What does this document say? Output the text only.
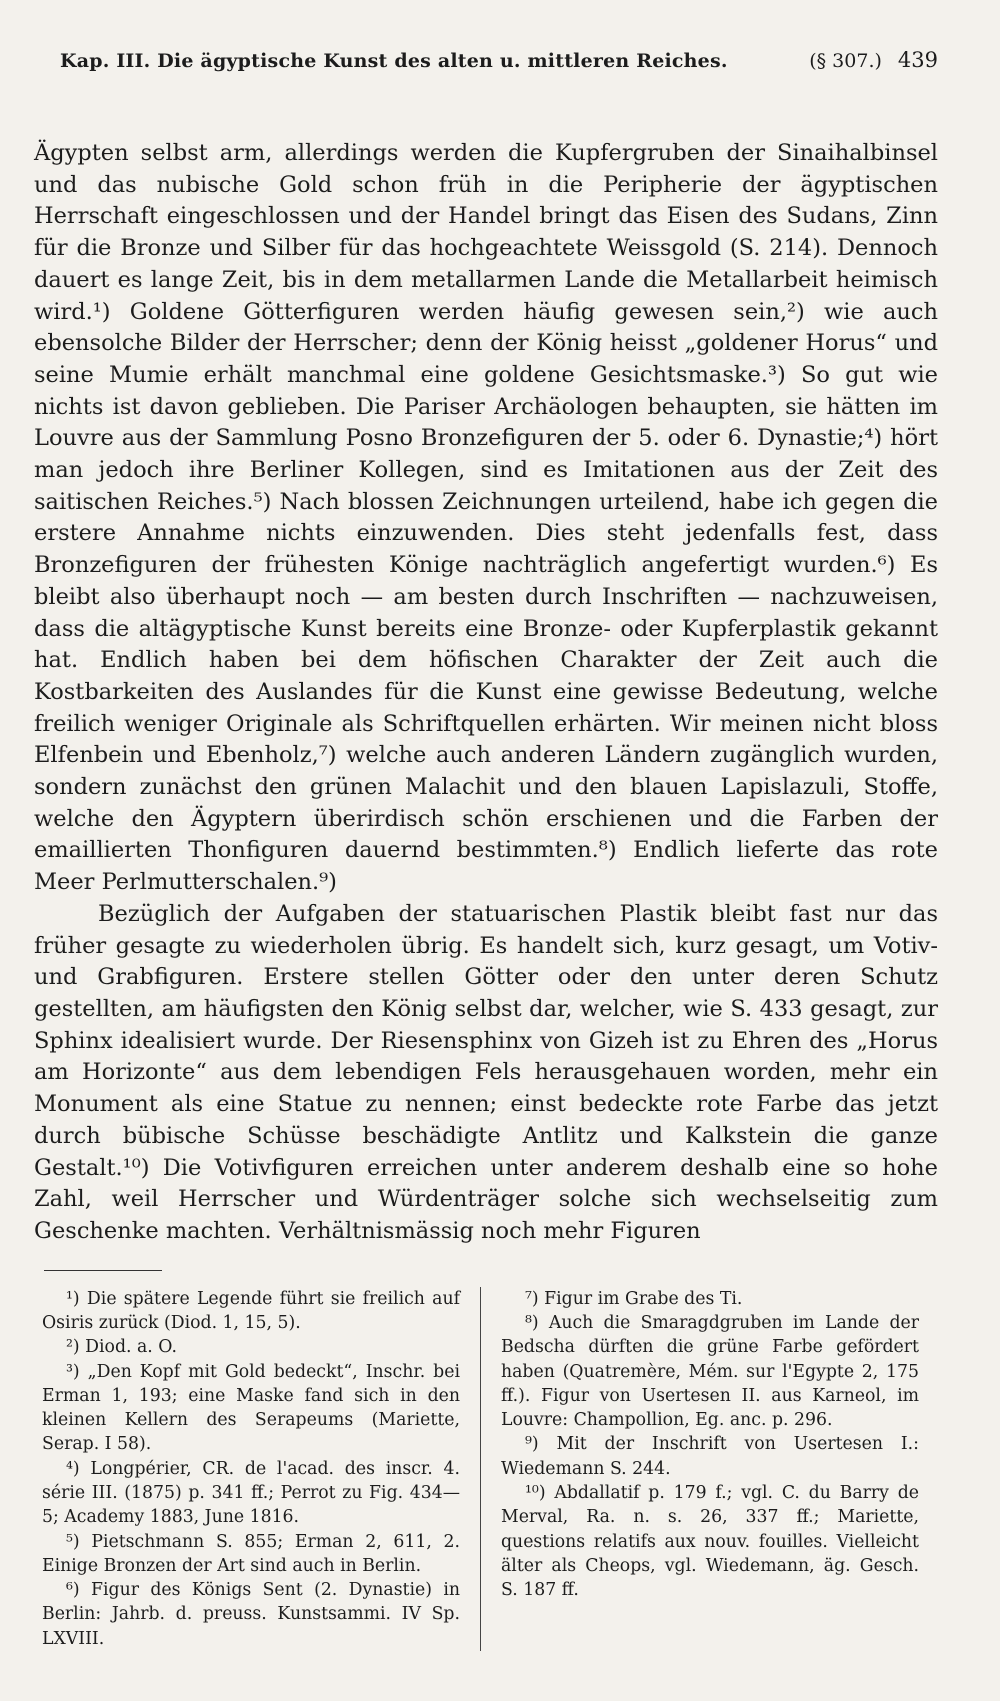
Kap. III. Die ägyptische Kunst des alten u. mittleren Reiches.	(§ 307.) 439

Ägypten selbst arm, allerdings werden die Kupfergruben der Sinaihalbinsel und das nubische Gold schon früh in die Peripherie der ägyptischen Herrschaft eingeschlossen und der Handel bringt das Eisen des Sudans, Zinn für die Bronze und Silber für das hochgeachtete Weissgold (S. 214). Dennoch dauert es lange Zeit, bis in dem metallarmen Lande die Metallarbeit heimisch wird.¹) Goldene Götterfiguren werden häufig gewesen sein,²) wie auch ebensolche Bilder der Herrscher; denn der König heisst „goldener Horus“ und seine Mumie erhält manchmal eine goldene Gesichtsmaske.³) So gut wie nichts ist davon geblieben. Die Pariser Archäologen behaupten, sie hätten im Louvre aus der Sammlung Posno Bronzefiguren der 5. oder 6. Dynastie;⁴) hört man jedoch ihre Berliner Kollegen, sind es Imitationen aus der Zeit des saitischen Reiches.⁵) Nach blossen Zeichnungen urteilend, habe ich gegen die erstere Annahme nichts einzuwenden. Dies steht jedenfalls fest, dass Bronzefiguren der frühesten Könige nachträglich angefertigt wurden.⁶) Es bleibt also überhaupt noch — am besten durch Inschriften — nachzuweisen, dass die altägyptische Kunst bereits eine Bronze- oder Kupferplastik gekannt hat. Endlich haben bei dem höfischen Charakter der Zeit auch die Kostbarkeiten des Auslandes für die Kunst eine gewisse Bedeutung, welche freilich weniger Originale als Schriftquellen erhärten. Wir meinen nicht bloss Elfenbein und Ebenholz,⁷) welche auch anderen Ländern zugänglich wurden, sondern zunächst den grünen Malachit und den blauen Lapislazuli, Stoffe, welche den Ägyptern überirdisch schön erschienen und die Farben der emaillierten Thonfiguren dauernd bestimmten.⁸) Endlich lieferte das rote Meer Perlmutterschalen.⁹)

Bezüglich der Aufgaben der statuarischen Plastik bleibt fast nur das früher gesagte zu wiederholen übrig. Es handelt sich, kurz gesagt, um Votiv- und Grabfiguren. Erstere stellen Götter oder den unter deren Schutz gestellten, am häufigsten den König selbst dar, welcher, wie S. 433 gesagt, zur Sphinx idealisiert wurde. Der Riesensphinx von Gizeh ist zu Ehren des „Horus am Horizonte“ aus dem lebendigen Fels herausgehauen worden, mehr ein Monument als eine Statue zu nennen; einst bedeckte rote Farbe das jetzt durch bübische Schüsse beschädigte Antlitz und Kalkstein die ganze Gestalt.¹⁰) Die Votivfiguren erreichen unter anderem deshalb eine so hohe Zahl, weil Herrscher und Würdenträger solche sich wechselseitig zum Geschenke machten. Verhältnismässig noch mehr Figuren

¹) Die spätere Legende führt sie freilich auf Osiris zurück (Diod. 1, 15, 5).

²) Diod. a. O.

³) „Den Kopf mit Gold bedeckt“, Inschr. bei Erman 1, 193; eine Maske fand sich in den kleinen Kellern des Serapeums (Mariette, Serap. I 58).

⁴) Longpérier, CR. de l'acad. des inscr. 4. série III. (1875) p. 341 ff.; Perrot zu Fig. 434—5; Academy 1883, June 1816.

⁵) Pietschmann S. 855; Erman 2, 611, 2. Einige Bronzen der Art sind auch in Berlin.

⁶) Figur des Königs Sent (2. Dynastie) in Berlin: Jahrb. d. preuss. Kunstsammi. IV Sp. LXVIII.

⁷) Figur im Grabe des Ti.

⁸) Auch die Smaragdgruben im Lande der Bedscha dürften die grüne Farbe gefördert haben (Quatremère, Mém. sur l'Egypte 2, 175 ff.). Figur von Usertesen II. aus Karneol, im Louvre: Champollion, Eg. anc. p. 296.

⁹) Mit der Inschrift von Usertesen I.: Wiedemann S. 244.

¹⁰) Abdallatif p. 179 f.; vgl. C. du Barry de Merval, Ra. n. s. 26, 337 ff.; Mariette, questions relatifs aux nouv. fouilles. Vielleicht älter als Cheops, vgl. Wiedemann, äg. Gesch. S. 187 ff.
